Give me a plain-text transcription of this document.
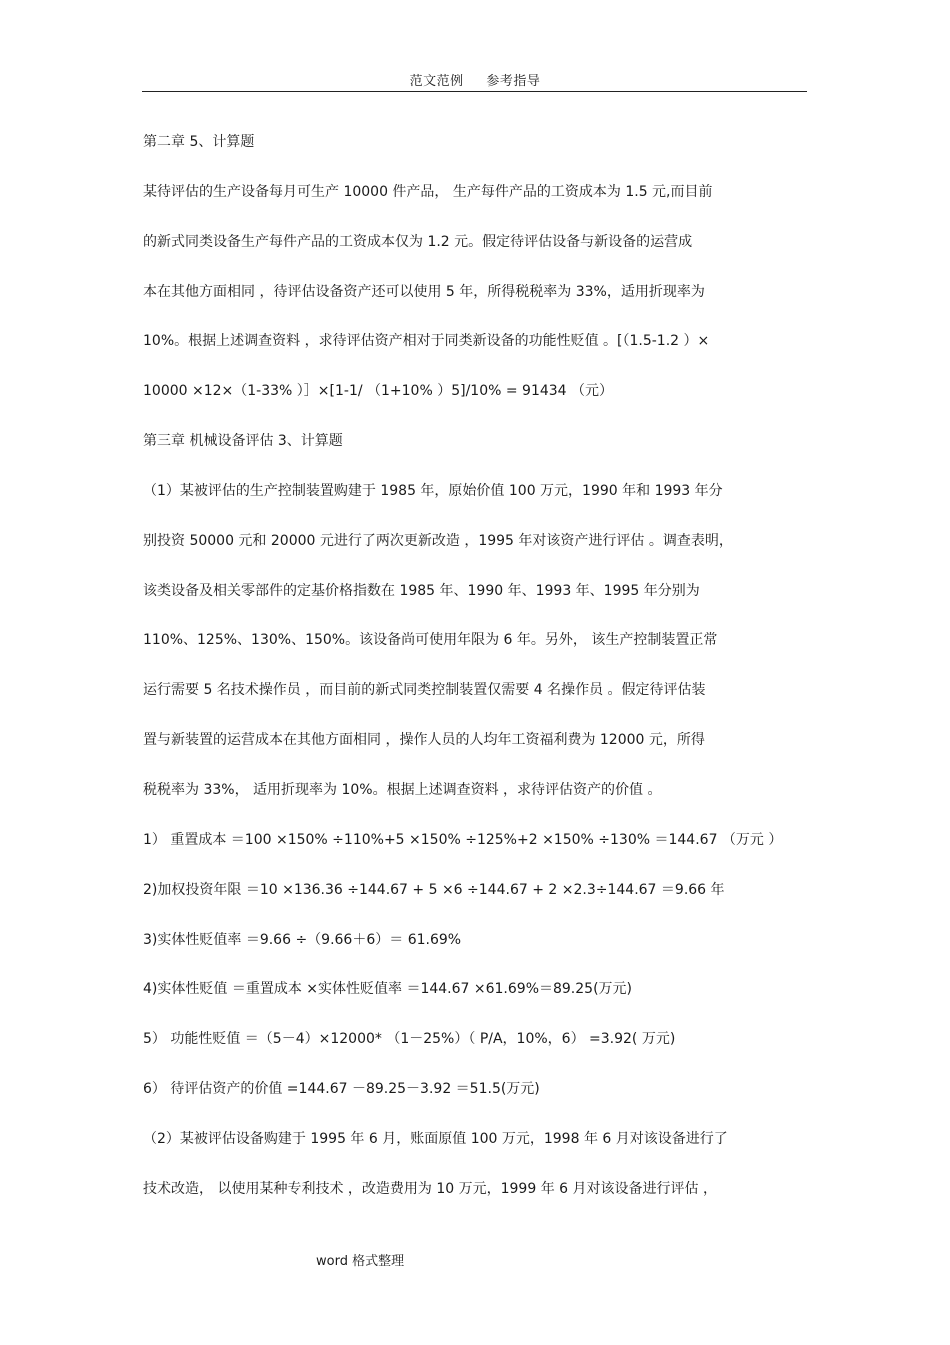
范文范例 参考指导
第二章 5、计算题
某待评估的生产设备每月可生产 10000 件产品， 生产每件产品的工资成本为 1.5 元,而目前
的新式同类设备生产每件产品的工资成本仅为 1.2 元。假定待评估设备与新设备的运营成
本在其他方面相同 ，待评估设备资产还可以使用 5 年，所得税税率为 33%，适用折现率为
10%。根据上述调查资料 ，求待评估资产相对于同类新设备的功能性贬值 。[（1.5-1.2 ）×
10000 ×12×（1-33% ）］×[1-1/ （1+10% ）5]/10% = 91434 （元）
第三章 机械设备评估 3、计算题
（1）某被评估的生产控制装置购建于 1985 年，原始价值 100 万元，1990 年和 1993 年分
别投资 50000 元和 20000 元进行了两次更新改造 ，1995 年对该资产进行评估 。调查表明，
该类设备及相关零部件的定基价格指数在 1985 年、1990 年、1993 年、1995 年分别为
110%、125%、130%、150%。该设备尚可使用年限为 6 年。另外， 该生产控制装置正常
运行需要 5 名技术操作员 ，而目前的新式同类控制装置仅需要 4 名操作员 。假定待评估装
置与新装置的运营成本在其他方面相同 ，操作人员的人均年工资福利费为 12000 元，所得
税税率为 33%， 适用折现率为 10%。根据上述调查资料 ，求待评估资产的价值 。
1） 重置成本 ＝100 ×150% ÷110%+5 ×150% ÷125%+2 ×150% ÷130% ＝144.67 （万元 ）
2)加权投资年限 ＝10 ×136.36 ÷144.67 + 5 ×6 ÷144.67 + 2 ×2.3÷144.67 ＝9.66 年
3)实体性贬值率 ＝9.66 ÷（9.66＋6）＝ 61.69%
4)实体性贬值 ＝重置成本 ×实体性贬值率 ＝144.67 ×61.69%＝89.25(万元)
5） 功能性贬值 ＝（5－4）×12000* （1－25%）（ P/A，10%，6） =3.92( 万元)
6） 待评估资产的价值 =144.67 －89.25－3.92 ＝51.5(万元)
（2）某被评估设备购建于 1995 年 6 月，账面原值 100 万元，1998 年 6 月对该设备进行了
技术改造， 以使用某种专利技术 ，改造费用为 10 万元，1999 年 6 月对该设备进行评估 ，
word 格式整理
